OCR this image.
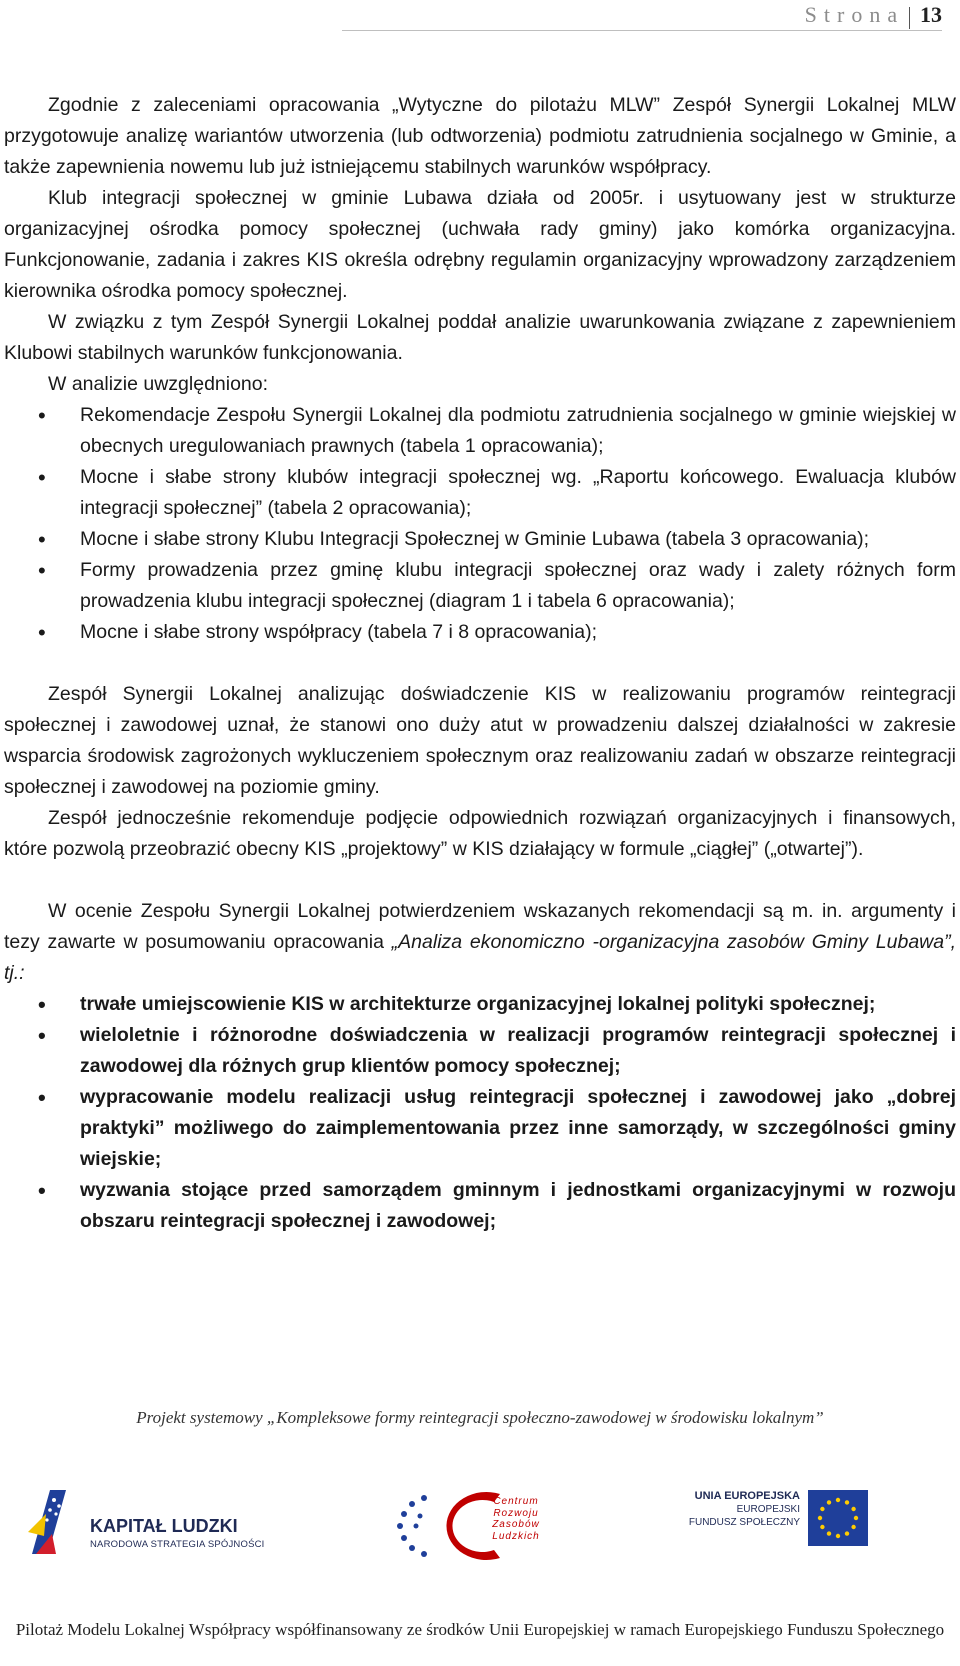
Strona 13

Zgodnie z zaleceniami opracowania „Wytyczne do pilotażu MLW” Zespół Synergii Lokalnej MLW przygotowuje analizę wariantów utworzenia (lub odtworzenia) podmiotu zatrudnienia socjalnego w Gminie, a także zapewnienia nowemu lub już istniejącemu stabilnych warunków współpracy.

Klub integracji społecznej w gminie Lubawa działa od 2005r. i usytuowany jest w strukturze organizacyjnej ośrodka pomocy społecznej (uchwała rady gminy) jako komórka organizacyjna. Funkcjonowanie, zadania i zakres KIS określa odrębny regulamin organizacyjny wprowadzony zarządzeniem kierownika ośrodka pomocy społecznej.

W związku z tym Zespół Synergii Lokalnej poddał analizie uwarunkowania związane z zapewnieniem Klubowi stabilnych warunków funkcjonowania.

W analizie uwzględniono:

• Rekomendacje Zespołu Synergii Lokalnej dla podmiotu zatrudnienia socjalnego w gminie wiejskiej w obecnych uregulowaniach prawnych (tabela 1 opracowania);
• Mocne i słabe strony klubów integracji społecznej wg. „Raportu końcowego. Ewaluacja klubów integracji społecznej” (tabela 2 opracowania);
• Mocne i słabe strony Klubu Integracji Społecznej w Gminie Lubawa (tabela 3 opracowania);
• Formy prowadzenia przez gminę klubu integracji społecznej oraz wady i zalety różnych form prowadzenia klubu integracji społecznej (diagram 1 i tabela 6 opracowania);
• Mocne i słabe strony współpracy (tabela 7 i 8 opracowania);

Zespół Synergii Lokalnej analizując doświadczenie KIS w realizowaniu programów reintegracji społecznej i zawodowej uznał, że stanowi ono duży atut w prowadzeniu dalszej działalności w zakresie wsparcia środowisk zagrożonych wykluczeniem społecznym oraz realizowaniu zadań w obszarze reintegracji społecznej i zawodowej na poziomie gminy.

Zespół jednocześnie rekomenduje podjęcie odpowiednich rozwiązań organizacyjnych i finansowych, które pozwolą przeobrazić obecny KIS „projektowy” w KIS działający w formule „ciągłej” („otwartej”).

W ocenie Zespołu Synergii Lokalnej potwierdzeniem wskazanych rekomendacji są m. in. argumenty i tezy zawarte w posumowaniu opracowania „Analiza ekonomiczno -organizacyjna zasobów Gminy Lubawa”, tj.:

• trwałe umiejscowienie KIS w architekturze organizacyjnej lokalnej polityki społecznej;
• wieloletnie i różnorodne doświadczenia w realizacji programów reintegracji społecznej i zawodowej dla różnych grup klientów pomocy społecznej;
• wypracowanie modelu realizacji usług reintegracji społecznej i zawodowej jako „dobrej praktyki” możliwego do zaimplementowania przez inne samorządy, w szczególności gminy wiejskie;
• wyzwania stojące przed samorządem gminnym i jednostkami organizacyjnymi w rozwoju obszaru reintegracji społecznej i zawodowej;
Projekt systemowy „Kompleksowe formy reintegracji społeczno-zawodowej w środowisku lokalnym”
KAPITAŁ LUDZKI
NARODOWA STRATEGIA SPÓJNOŚCI
Centrum Rozwoju Zasobów Ludzkich
UNIA EUROPEJSKA
EUROPEJSKI
FUNDUSZ SPOŁECZNY
Pilotaż Modelu Lokalnej Współpracy współfinansowany ze środków Unii Europejskiej w ramach Europejskiego Funduszu Społecznego
